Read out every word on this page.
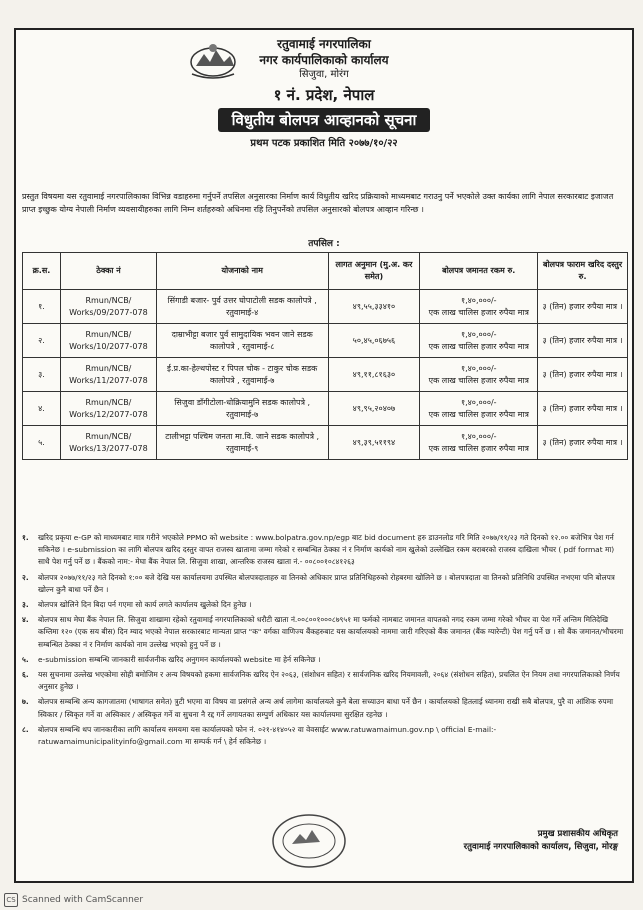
रतुवामाई नगरपालिका
नगर कार्यपालिकाको कार्यालय
सिजुवा, मोरंग
१ नं. प्रदेश, नेपाल
विधुतीय बोलपत्र आव्हानको सूचना
प्रथम पटक प्रकाशित मिति २०७७/१०/२२
प्रस्तुत विषयमा यस रतुवामाई नगरपालिकाका विभिन्न वडाहरुमा गर्नुपर्ने तपसिल अनुसारका निर्माण कार्य विधुतीय खरिद प्रक्रियाको माध्यमबाट गराउनु पर्ने भएकोले उक्त कार्यका लागि नेपाल सरकारबाट इजाजत प्राप्त इच्छुक योग्य नेपाली निर्माण व्यवसायीहरुका लागि निम्न शर्तहरुको अधिनमा रहि तिनुपर्नेको तपसिल अनुसारको बोलपत्र आव्हान गरिन्छ ।
तपसिल :
क्र.स.	ठेक्का नं	योजनाको नाम	लागत अनुमान (मु.अ. कर समेत)	बोलपत्र जमानत रकम रु.	बोलपत्र फाराम खरिद दस्तुर रु.
१.	Rmun/NCB/ Works/09/2077-078	सिंगाडी बजार- पुर्व उत्तर घोपाटोली सडक कालोपत्रे , रतुवामाई-४	४९,५५,३३४१०	१,४०,०००/-
एक लाख चालिस हजार रुपैया मात्र	३ (तिन) हजार रुपैया मात्र ।
२.	Rmun/NCB/ Works/10/2077-078	दाम्राभीट्टा बजार पुर्व सामुदायिक भवन जाने सडक कालोपत्रे , रतुवामाई-८	५०,४५,०६७५६	१,४०,०००/-
एक लाख चालिस हजार रुपैया मात्र	३ (तिन) हजार रुपैया मात्र ।
३.	Rmun/NCB/ Works/11/2077-078	ई.प्र.का-हेल्थपोस्ट र पिपल चोक - टाकुर चोक सडक कालोपत्रे , रतुवामाई-७	४९,११,८१६३०	१,४०,०००/-
एक लाख चालिस हजार रुपैया मात्र	३ (तिन) हजार रुपैया मात्र ।
४.	Rmun/NCB/ Works/12/2077-078	सिजुवा डाँगीटोला-धोक्रियामुनि सडक कालोपत्रे , रतुवामाई-७	४९,९५,२०४०७	१,४०,०००/-
एक लाख चालिस हजार रुपैया मात्र	३ (तिन) हजार रुपैया मात्र ।
५.	Rmun/NCB/ Works/13/2077-078	टालीभट्टा पश्चिम जनता मा.वि. जाने सडक कालोपत्रे , रतुवामाई-९	४९,३९,५११९४	१,४०,०००/-
एक लाख चालिस हजार रुपैया मात्र	३ (तिन) हजार रुपैया मात्र ।
१.	खरिद प्रकृया e-GP को माध्यमबाट मात्र गरीने भएकोले PPMO को website : www.bolpatra.gov.np/egp बाट bid document हरु डाउनलोड गरि मिति २०७७/११/२३ गते दिनको १२.०० बजेभित्र पेश गर्न सकिनेछ । e-submission का लागि बोलपत्र खरिद दस्तुर वापत राजस्व खातामा जम्मा गरेको र सम्बन्धित ठेक्का नं र निर्माण कार्यको नाम खुलेको उल्लेखित रकम बराबरको राजस्व दाखिला भौचर ( pdf format मा) साथै पेश गर्नु पर्ने छ । बैंकको नाम:- मेघा बैंक नेपाल लि. सिजुवा शाखा, आन्तरिक राजस्व खाता नं.- ००८००१०८४१२६३
२.	बोलपत्र २०७७/११/२३ गते दिनको १:०० बजे देखि यस कार्यालयमा उपस्थित बोलपत्रदाताहरु वा तिनको अधिकार प्राप्त प्रतिनिधिहरुको रोहबरमा खोलिने छ । बोलपत्रदाता वा तिनको प्रतिनिधि उपस्थित नभएमा पनि बोलपत्र खोल्न कुनै बाधा पर्ने छैन ।
३.	बोलपत्र खोलिने दिन बिदा पर्न गएमा सो कार्य लगते कार्यालय खुलेको दिन हुनेछ ।
४.	बोलपत्र साथ मेघा बैंक नेपाल लि. सिजुवा शाखामा रहेको रतुवामाई नगरपालिकाको धरौटी खाता नं.००८००१०००८७९५१ मा फर्मको नामबाट जमानत वापतको नगद रकम जम्मा गरेको भौचर वा पेश गर्ने अन्तिम मितिदेखि कम्तिमा १२० (एक सय बीस) दिन म्याद भएको नेपाल सरकारबाट मान्यता प्राप्त "क" वर्गका वाणिज्य बैंकहरुबाट यस कार्यालयको नाममा जारी गरिएको बैंक जमानत (बैंक ग्यारेन्टी) पेश गर्नु पर्ने छ । सो बैंक जमानत/भौचरमा सम्बन्धित ठेक्का नं र निर्माण कार्यको नाम उल्लेख भएको हुनु पर्ने छ ।
५.	e-submission सम्बन्धि जानकारी सार्वजनीक खरिद अनुगमन कार्यालयको website मा हेर्न सकिनेछ ।
६.	यस सुचनामा उल्लेख भएकोमा सोही बमोजिम र अन्य विषयको हकमा सार्वजनिक खरिद ऐन २०६३, (संशोधन सहित) र सार्वजनिक खरिद नियमावली, २०६४ (संशोधन सहित), प्रचलित ऐन नियम तथा नगरपालिकाको निर्णय अनुसार हुनेछ ।
७.	बोलपत्र सम्बन्धि अन्य कागजातमा (भाषागत समेत) त्रुटी भएमा वा विषय वा प्रसंगले अन्य अर्थ लागेमा कार्यालयले कुनै बेला सच्याउन बाधा पर्ने छैन । कार्यालयको हितलाई ध्यानमा राखी सबै बोलपत्र, पुरै वा आंशिक रुपमा स्विकार / स्विकृत गर्ने वा अस्विकार / अस्विकृत गर्ने वा सुचना नै रद्द गर्ने लगायतका सम्पुर्ण अधिकार यस कार्यालयमा सुरक्षित रहनेछ ।
८.	बोलपत्र सम्बन्धि थप जानकारीका लागि कार्यालय समयमा यस कार्यालयको फोन नं. ०२१-४१४०५२ वा वेवसाईट www.ratuwamaimun.gov.np \ official E-mail:- ratuwamaimunicipalityinfo@gmail.com मा सम्पर्क गर्न \ हेर्न सकिनेछ ।
प्रमुख प्रशासकीय अधिकृत
रतुवामाई नगरपालिकाको कार्यालय, सिजुवा, मोरङ्ग
CS Scanned with CamScanner
